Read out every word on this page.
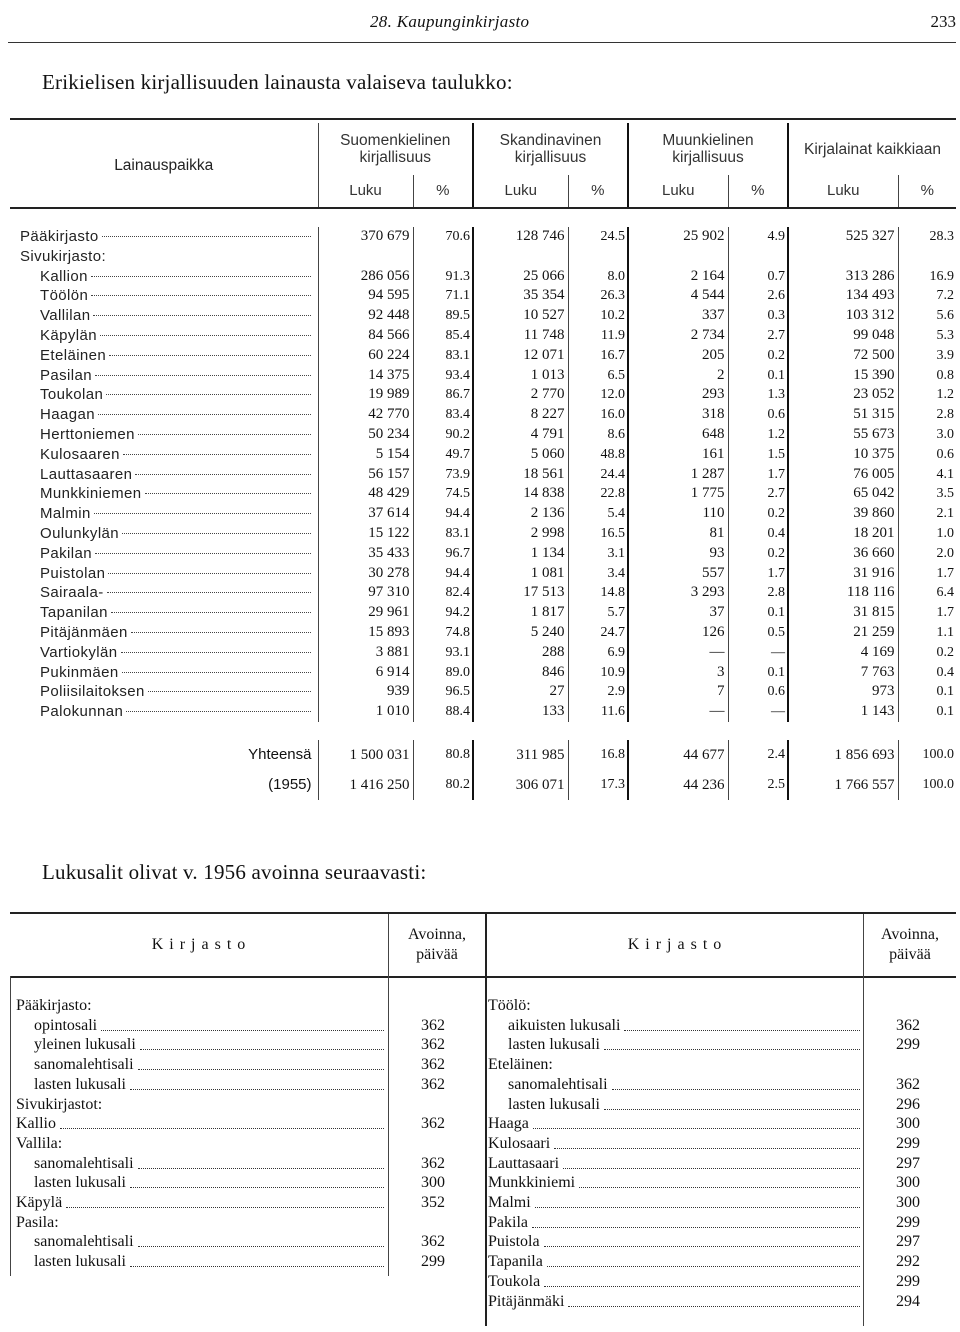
28. Kaupunginkirjasto	233
Erikielisen kirjallisuuden lainausta valaiseva taulukko:
Lainauspaikka	Suomenkielinen kirjallisuus		Skandinavinen kirjallisuus		Muunkielinen kirjallisuus		Kirjalainat kaikkiaan	
	Luku	%	Luku	%	Luku	%	Luku	%

Pääkirjasto	370 679	70.6	128 746	24.5	25 902	4.9	525 327	28.3
Sivukirjasto:								
Kallion	286 056	91.3	25 066	8.0	2 164	0.7	313 286	16.9
Töölön	94 595	71.1	35 354	26.3	4 544	2.6	134 493	7.2
Vallilan	92 448	89.5	10 527	10.2	337	0.3	103 312	5.6
Käpylän	84 566	85.4	11 748	11.9	2 734	2.7	99 048	5.3
Eteläinen	60 224	83.1	12 071	16.7	205	0.2	72 500	3.9
Pasilan	14 375	93.4	1 013	6.5	2	0.1	15 390	0.8
Toukolan	19 989	86.7	2 770	12.0	293	1.3	23 052	1.2
Haagan	42 770	83.4	8 227	16.0	318	0.6	51 315	2.8
Herttoniemen	50 234	90.2	4 791	8.6	648	1.2	55 673	3.0
Kulosaaren	5 154	49.7	5 060	48.8	161	1.5	10 375	0.6
Lauttasaaren	56 157	73.9	18 561	24.4	1 287	1.7	76 005	4.1
Munkkiniemen	48 429	74.5	14 838	22.8	1 775	2.7	65 042	3.5
Malmin	37 614	94.4	2 136	5.4	110	0.2	39 860	2.1
Oulunkylän	15 122	83.1	2 998	16.5	81	0.4	18 201	1.0
Pakilan	35 433	96.7	1 134	3.1	93	0.2	36 660	2.0
Puistolan	30 278	94.4	1 081	3.4	557	1.7	31 916	1.7
Sairaala-	97 310	82.4	17 513	14.8	3 293	2.8	118 116	6.4
Tapanilan	29 961	94.2	1 817	5.7	37	0.1	31 815	1.7
Pitäjänmäen	15 893	74.8	5 240	24.7	126	0.5	21 259	1.1
Vartiokylän	3 881	93.1	288	6.9	—	—	4 169	0.2
Pukinmäen	6 914	89.0	846	10.9	3	0.1	7 763	0.4
Poliisilaitoksen	939	96.5	27	2.9	7	0.6	973	0.1
Palokunnan	1 010	88.4	133	11.6	—	—	1 143	0.1

Yhteensä	1 500 031	80.8	311 985	16.8	44 677	2.4	1 856 693	100.0
(1955)	1 416 250	80.2	306 071	17.3	44 236	2.5	1 766 557	100.0
Lukusalit olivat v. 1956 avoinna seuraavasti:
K i r j a s t o
Avoinna,
päivää
K i r j a s t o
Avoinna,
päivää
Pääkirjasto:
opintosali	362
yleinen lukusali	362
sanomalehtisali	362
lasten lukusali	362
Sivukirjastot:
Kallio	362
Vallila:
sanomalehtisali	362
lasten lukusali	300
Käpylä	352
Pasila:
sanomalehtisali	362
lasten lukusali	299
Töölö:
aikuisten lukusali	362
lasten lukusali	299
Eteläinen:
sanomalehtisali	362
lasten lukusali	296
Haaga	300
Kulosaari	299
Lauttasaari	297
Munkkiniemi	300
Malmi	300
Pakila	299
Puistola	297
Tapanila	292
Toukola	299
Pitäjänmäki	294
